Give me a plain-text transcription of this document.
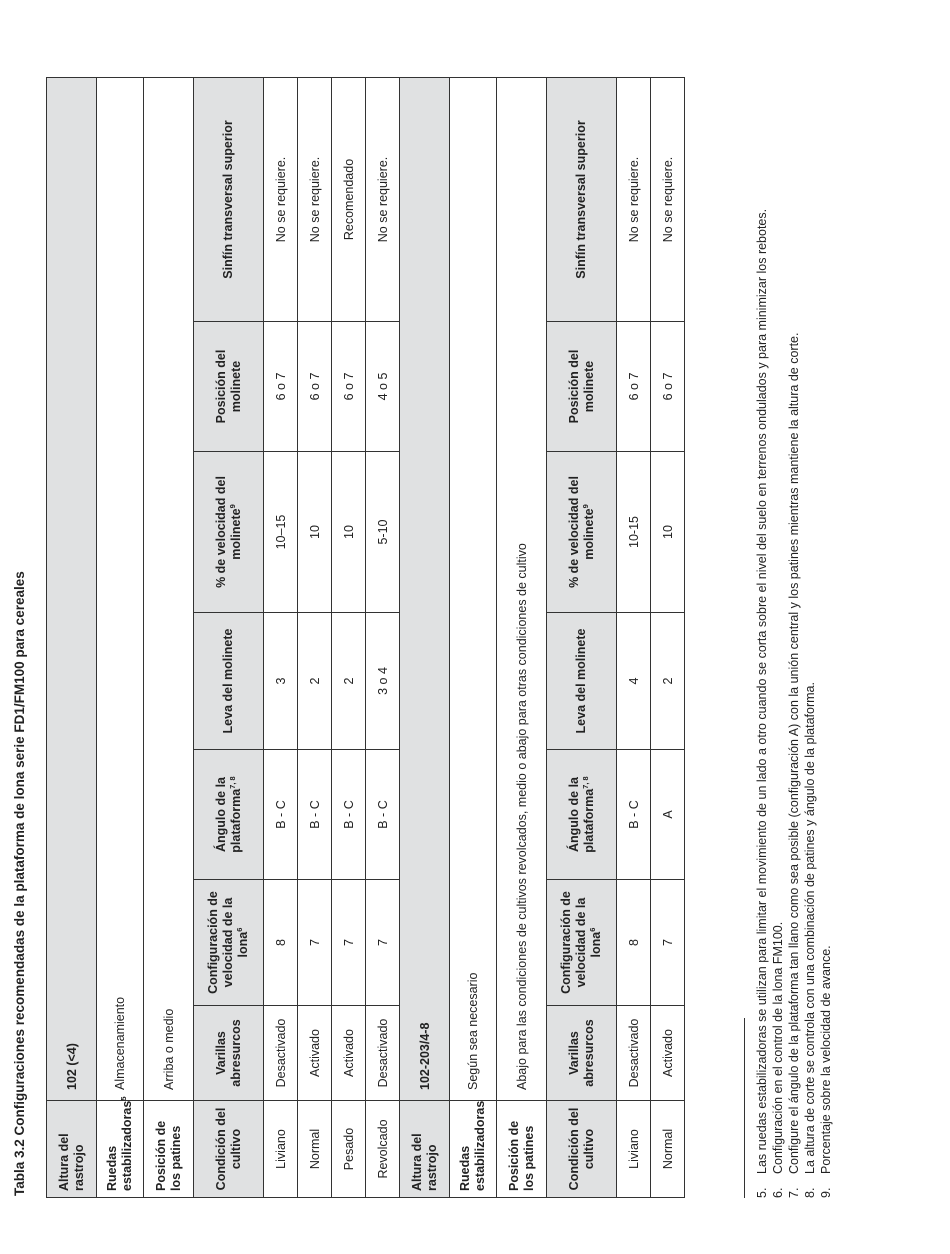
Tabla 3.2 Configuraciones recomendadas de la plataforma de lona serie FD1/FM100 para cereales Altura del rastrojo	102 (<4)						
Ruedas estabilizadoras$^5$	Almacenamiento						
Posición de los patines	Arriba o medio						
Condición del cultivo	Varillas abresurcos	Configuración de velocidad de la lona$^6$	Ángulo de la plataforma$^{7, 8}$	Leva del molinete	% de velocidad del molinete$^9$	Posición del molinete	Sinfín transversal superior
Liviano	Desactivado	8	B - C	3	10–15	6 o 7	No se requiere.
Normal	Activado	7	B - C	2	10	6 o 7	No se requiere.
Pesado	Activado	7	B - C	2	10	6 o 7	Recomendado
Revolcado	Desactivado	7	B - C	3 o 4	5-10	4 o 5	No se requiere.
Altura del rastrojo	102-203/4-8						
Ruedas estabilizadoras	Según sea necesario						
Posición de los patines	Abajo para las condiciones de cultivos revolcados, medio o abajo para otras condiciones de cultivo						
Condición del cultivo	Varillas abresurcos	Configuración de velocidad de la lona$^6$	Ángulo de la plataforma$^{7, 8}$	Leva del molinete	% de velocidad del molinete$^9$	Posición del molinete	Sinfín transversal superior
Liviano	Desactivado	8	B - C	4	10-15	6 o 7	No se requiere.
Normal	Activado	7	A	2	10	6 o 7	No se requiere.
5.
Las ruedas estabilizadoras se utilizan para limitar el movimiento de un lado a otro cuando se corta sobre el nivel del suelo en terrenos ondulados y para minimizar los rebotes.
6.
Configuración en el control de la lona FM100.
7.
Configure el ángulo de la plataforma tan llano como sea posible (configuración A) con la unión central y los patines mientras mantiene la altura de corte.
8.
La altura de corte se controla con una combinación de patines y ángulo de la plataforma.
9.
Porcentaje sobre la velocidad de avance.
